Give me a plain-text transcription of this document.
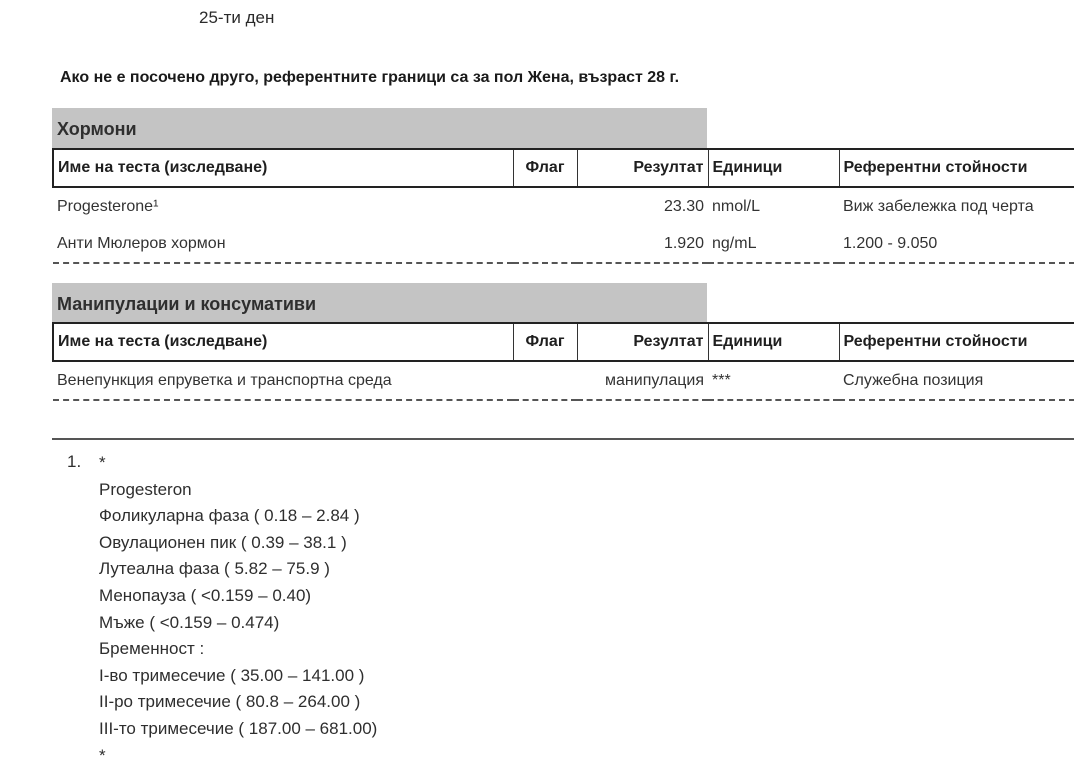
25-ти ден
Ако не е посочено друго, референтните граници са за пол Жена, възраст 28 г.
Хормони
Име на теста (изследване)	Флаг	Резултат	Единици	Референтни стойности
Progesterone¹		23.30	nmol/L	Виж забележка под черта
Анти Мюлеров хормон		1.920	ng/mL	1.200 - 9.050
Манипулации и консумативи
Име на теста (изследване)	Флаг	Резултат	Единици	Референтни стойности
Венепункция епруветка и транспортна среда		манипулация	***	Служебна позиция
1. *
Progesteron
Фоликуларна фаза ( 0.18 – 2.84 )
Овулационен пик ( 0.39 – 38.1 )
Лутеална фаза ( 5.82 – 75.9 )
Менопауза ( <0.159 – 0.40)
Мъже ( <0.159 – 0.474)
Бременност :
I-во тримесечие ( 35.00 – 141.00 )
II-ро тримесечие ( 80.8 – 264.00 )
III-то тримесечие ( 187.00 – 681.00)
*
